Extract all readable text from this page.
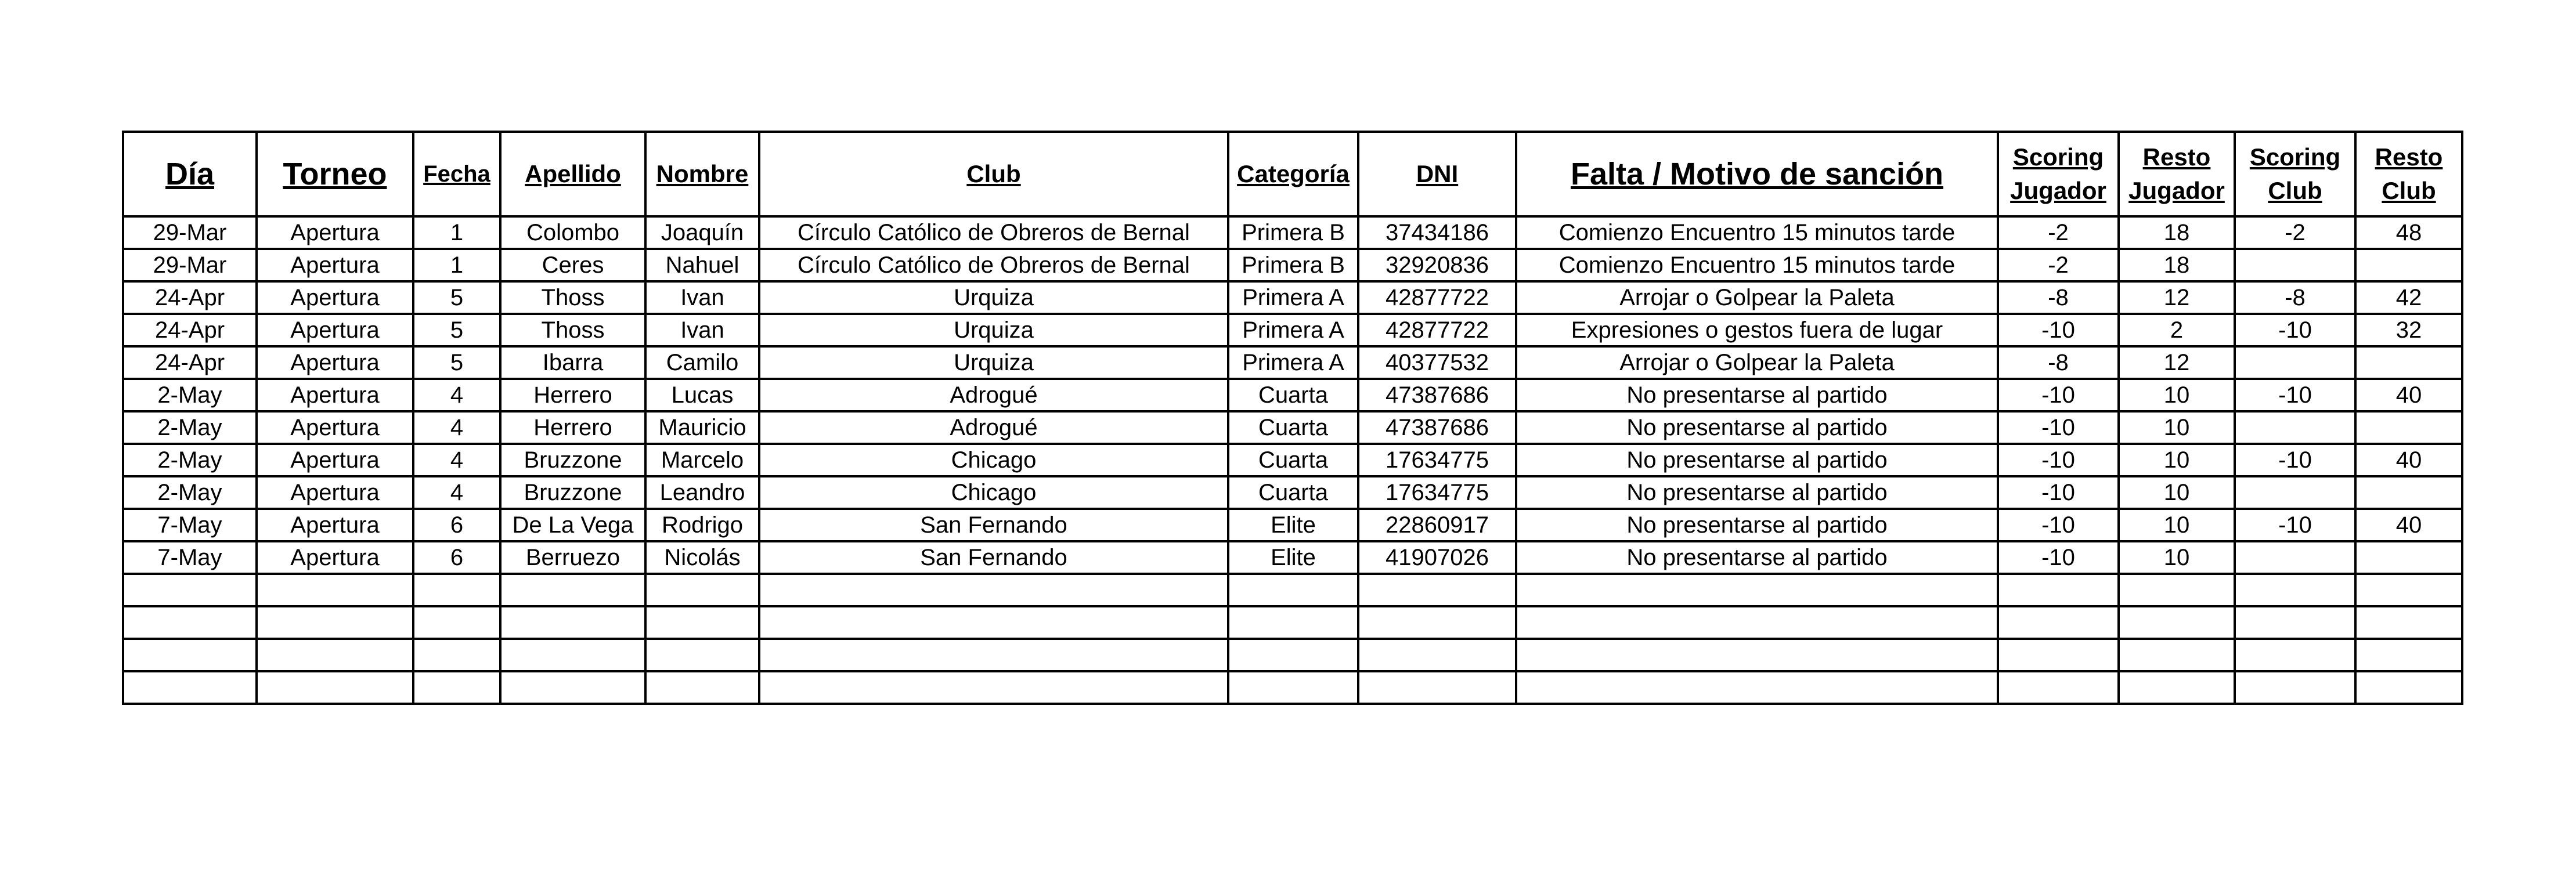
Día	Torneo	Fecha	Apellido	Nombre	Club	Categoría	DNI	Falta / Motivo de sanción	Scoring Jugador	Resto Jugador	Scoring Club	Resto Club
29-Mar	Apertura	1	Colombo	Joaquín	Círculo Católico de Obreros de Bernal	Primera B	37434186	Comienzo Encuentro 15 minutos tarde	-2	18	-2	48
29-Mar	Apertura	1	Ceres	Nahuel	Círculo Católico de Obreros de Bernal	Primera B	32920836	Comienzo Encuentro 15 minutos tarde	-2	18		
24-Apr	Apertura	5	Thoss	Ivan	Urquiza	Primera A	42877722	Arrojar o Golpear la Paleta	-8	12	-8	42
24-Apr	Apertura	5	Thoss	Ivan	Urquiza	Primera A	42877722	Expresiones o gestos fuera de lugar	-10	2	-10	32
24-Apr	Apertura	5	Ibarra	Camilo	Urquiza	Primera A	40377532	Arrojar o Golpear la Paleta	-8	12		
2-May	Apertura	4	Herrero	Lucas	Adrogué	Cuarta	47387686	No presentarse al partido	-10	10	-10	40
2-May	Apertura	4	Herrero	Mauricio	Adrogué	Cuarta	47387686	No presentarse al partido	-10	10		
2-May	Apertura	4	Bruzzone	Marcelo	Chicago	Cuarta	17634775	No presentarse al partido	-10	10	-10	40
2-May	Apertura	4	Bruzzone	Leandro	Chicago	Cuarta	17634775	No presentarse al partido	-10	10		
7-May	Apertura	6	De La Vega	Rodrigo	San Fernando	Elite	22860917	No presentarse al partido	-10	10	-10	40
7-May	Apertura	6	Berruezo	Nicolás	San Fernando	Elite	41907026	No presentarse al partido	-10	10		
